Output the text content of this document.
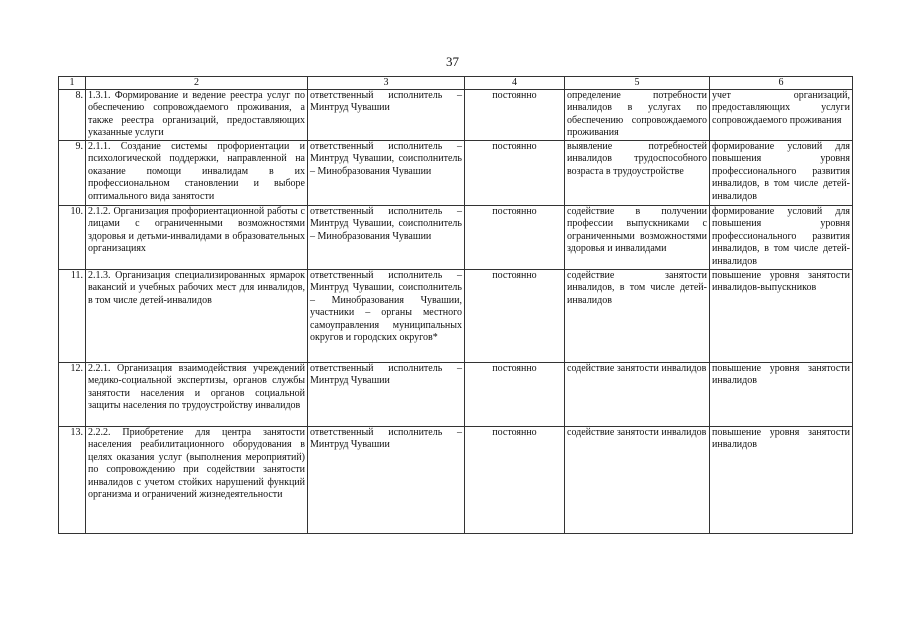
37
1	2	3	4	5	6
8.	1.3.1. Формирование и ведение реестра услуг по обеспечению сопровождаемого проживания, а также реестра организаций, предоставляющих указанные услуги	ответственный исполнитель – Минтруд Чувашии	постоянно	определение потребности инвалидов в услугах по обеспечению сопровождаемого проживания	учет организаций, предоставляющих услуги сопровождаемого проживания
9.	2.1.1. Создание системы профориентации и психологической поддержки, направленной на оказание помощи инвалидам в их профессиональном становлении и выборе оптимального вида занятости	ответственный исполнитель – Минтруд Чувашии, соисполнитель – Минобразования Чувашии	постоянно	выявление потребностей инвалидов трудоспособного возраста в трудоустройстве	формирование условий для повышения уровня профессионального развития инвалидов, в том числе детей-инвалидов
10.	2.1.2. Организация профориентационной работы с лицами с ограниченными возможностями здоровья и детьми-инвалидами в образовательных организациях	ответственный исполнитель – Минтруд Чувашии, соисполнитель – Минобразования Чувашии	постоянно	содействие в получении профессии выпускниками с ограниченными возможностями здоровья и инвалидами	формирование условий для повышения уровня профессионального развития инвалидов, в том числе детей-инвалидов
11.	2.1.3. Организация специализированных ярмарок вакансий и учебных рабочих мест для инвалидов, в том числе детей-инвалидов	ответственный исполнитель – Минтруд Чувашии, соисполнитель – Минобразования Чувашии, участники – органы местного самоуправления муниципальных округов и городских округов*	постоянно	содействие занятости инвалидов, в том числе детей-инвалидов	повышение уровня занятости инвалидов-выпускников
12.	2.2.1. Организация взаимодействия учреждений медико-социальной экспертизы, органов службы занятости населения и органов социальной защиты населения по трудоустройству инвалидов	ответственный исполнитель – Минтруд Чувашии	постоянно	содействие занятости инвалидов	повышение уровня занятости инвалидов
13.	2.2.2. Приобретение для центра занятости населения реабилитационного оборудования в целях оказания услуг (выполнения мероприятий) по сопровождению при содействии занятости инвалидов с учетом стойких нарушений функций организма и ограничений жизнедеятельности	ответственный исполнитель – Минтруд Чувашии	постоянно	содействие занятости инвалидов	повышение уровня занятости инвалидов
